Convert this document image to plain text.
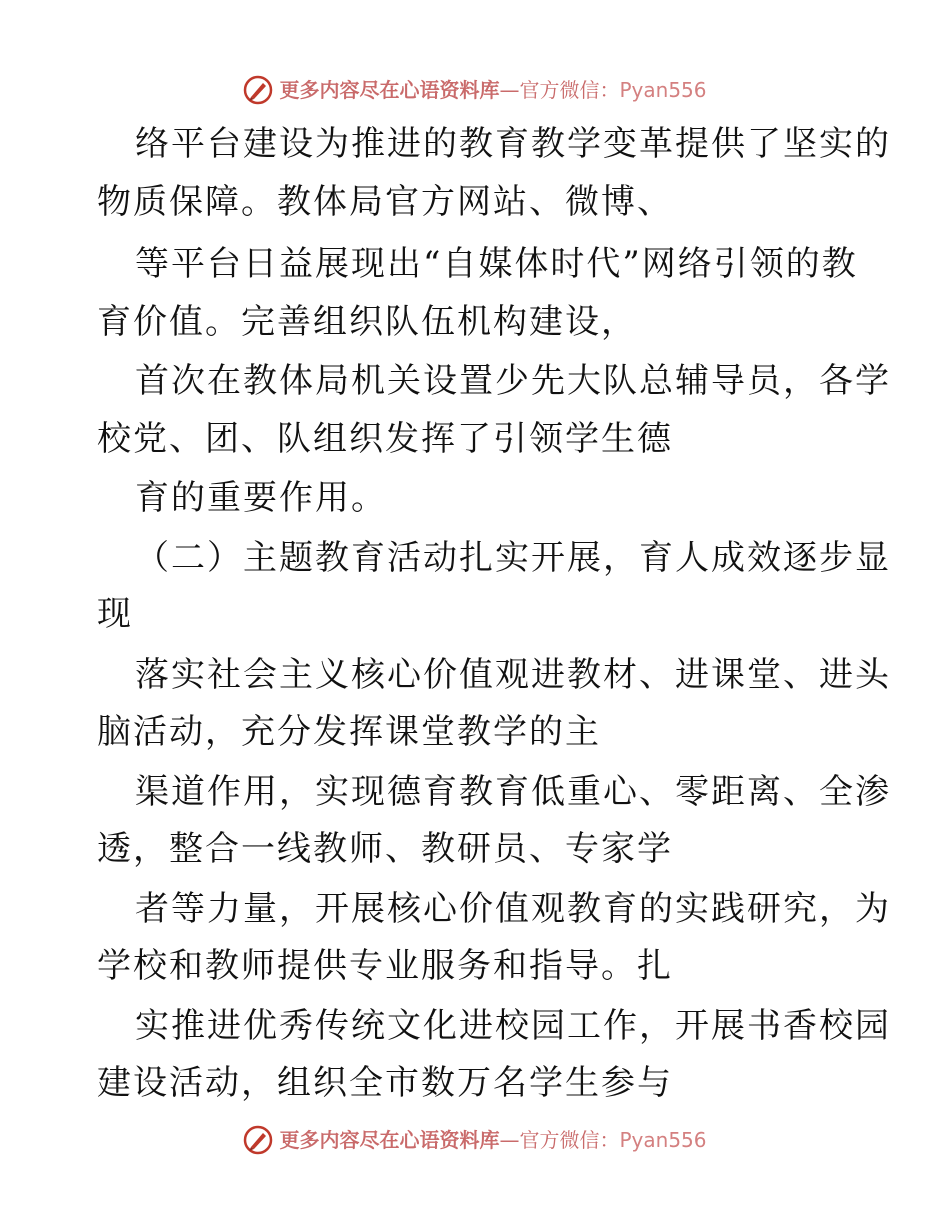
更多内容尽在心语资料库—官方微信：Pyan556
络平台建设为推进的教育教学变革提供了坚实的
物质保障。教体局官方网站、微博、
等平台日益展现出“自媒体时代”网络引领的教
育价值。完善组织队伍机构建设，
首次在教体局机关设置少先大队总辅导员，各学
校党、团、队组织发挥了引领学生德
育的重要作用。
（二）主题教育活动扎实开展，育人成效逐步显
现
落实社会主义核心价值观进教材、进课堂、进头
脑活动，充分发挥课堂教学的主
渠道作用，实现德育教育低重心、零距离、全渗
透，整合一线教师、教研员、专家学
者等力量，开展核心价值观教育的实践研究，为
学校和教师提供专业服务和指导。扎
实推进优秀传统文化进校园工作，开展书香校园
建设活动，组织全市数万名学生参与
更多内容尽在心语资料库—官方微信：Pyan556
